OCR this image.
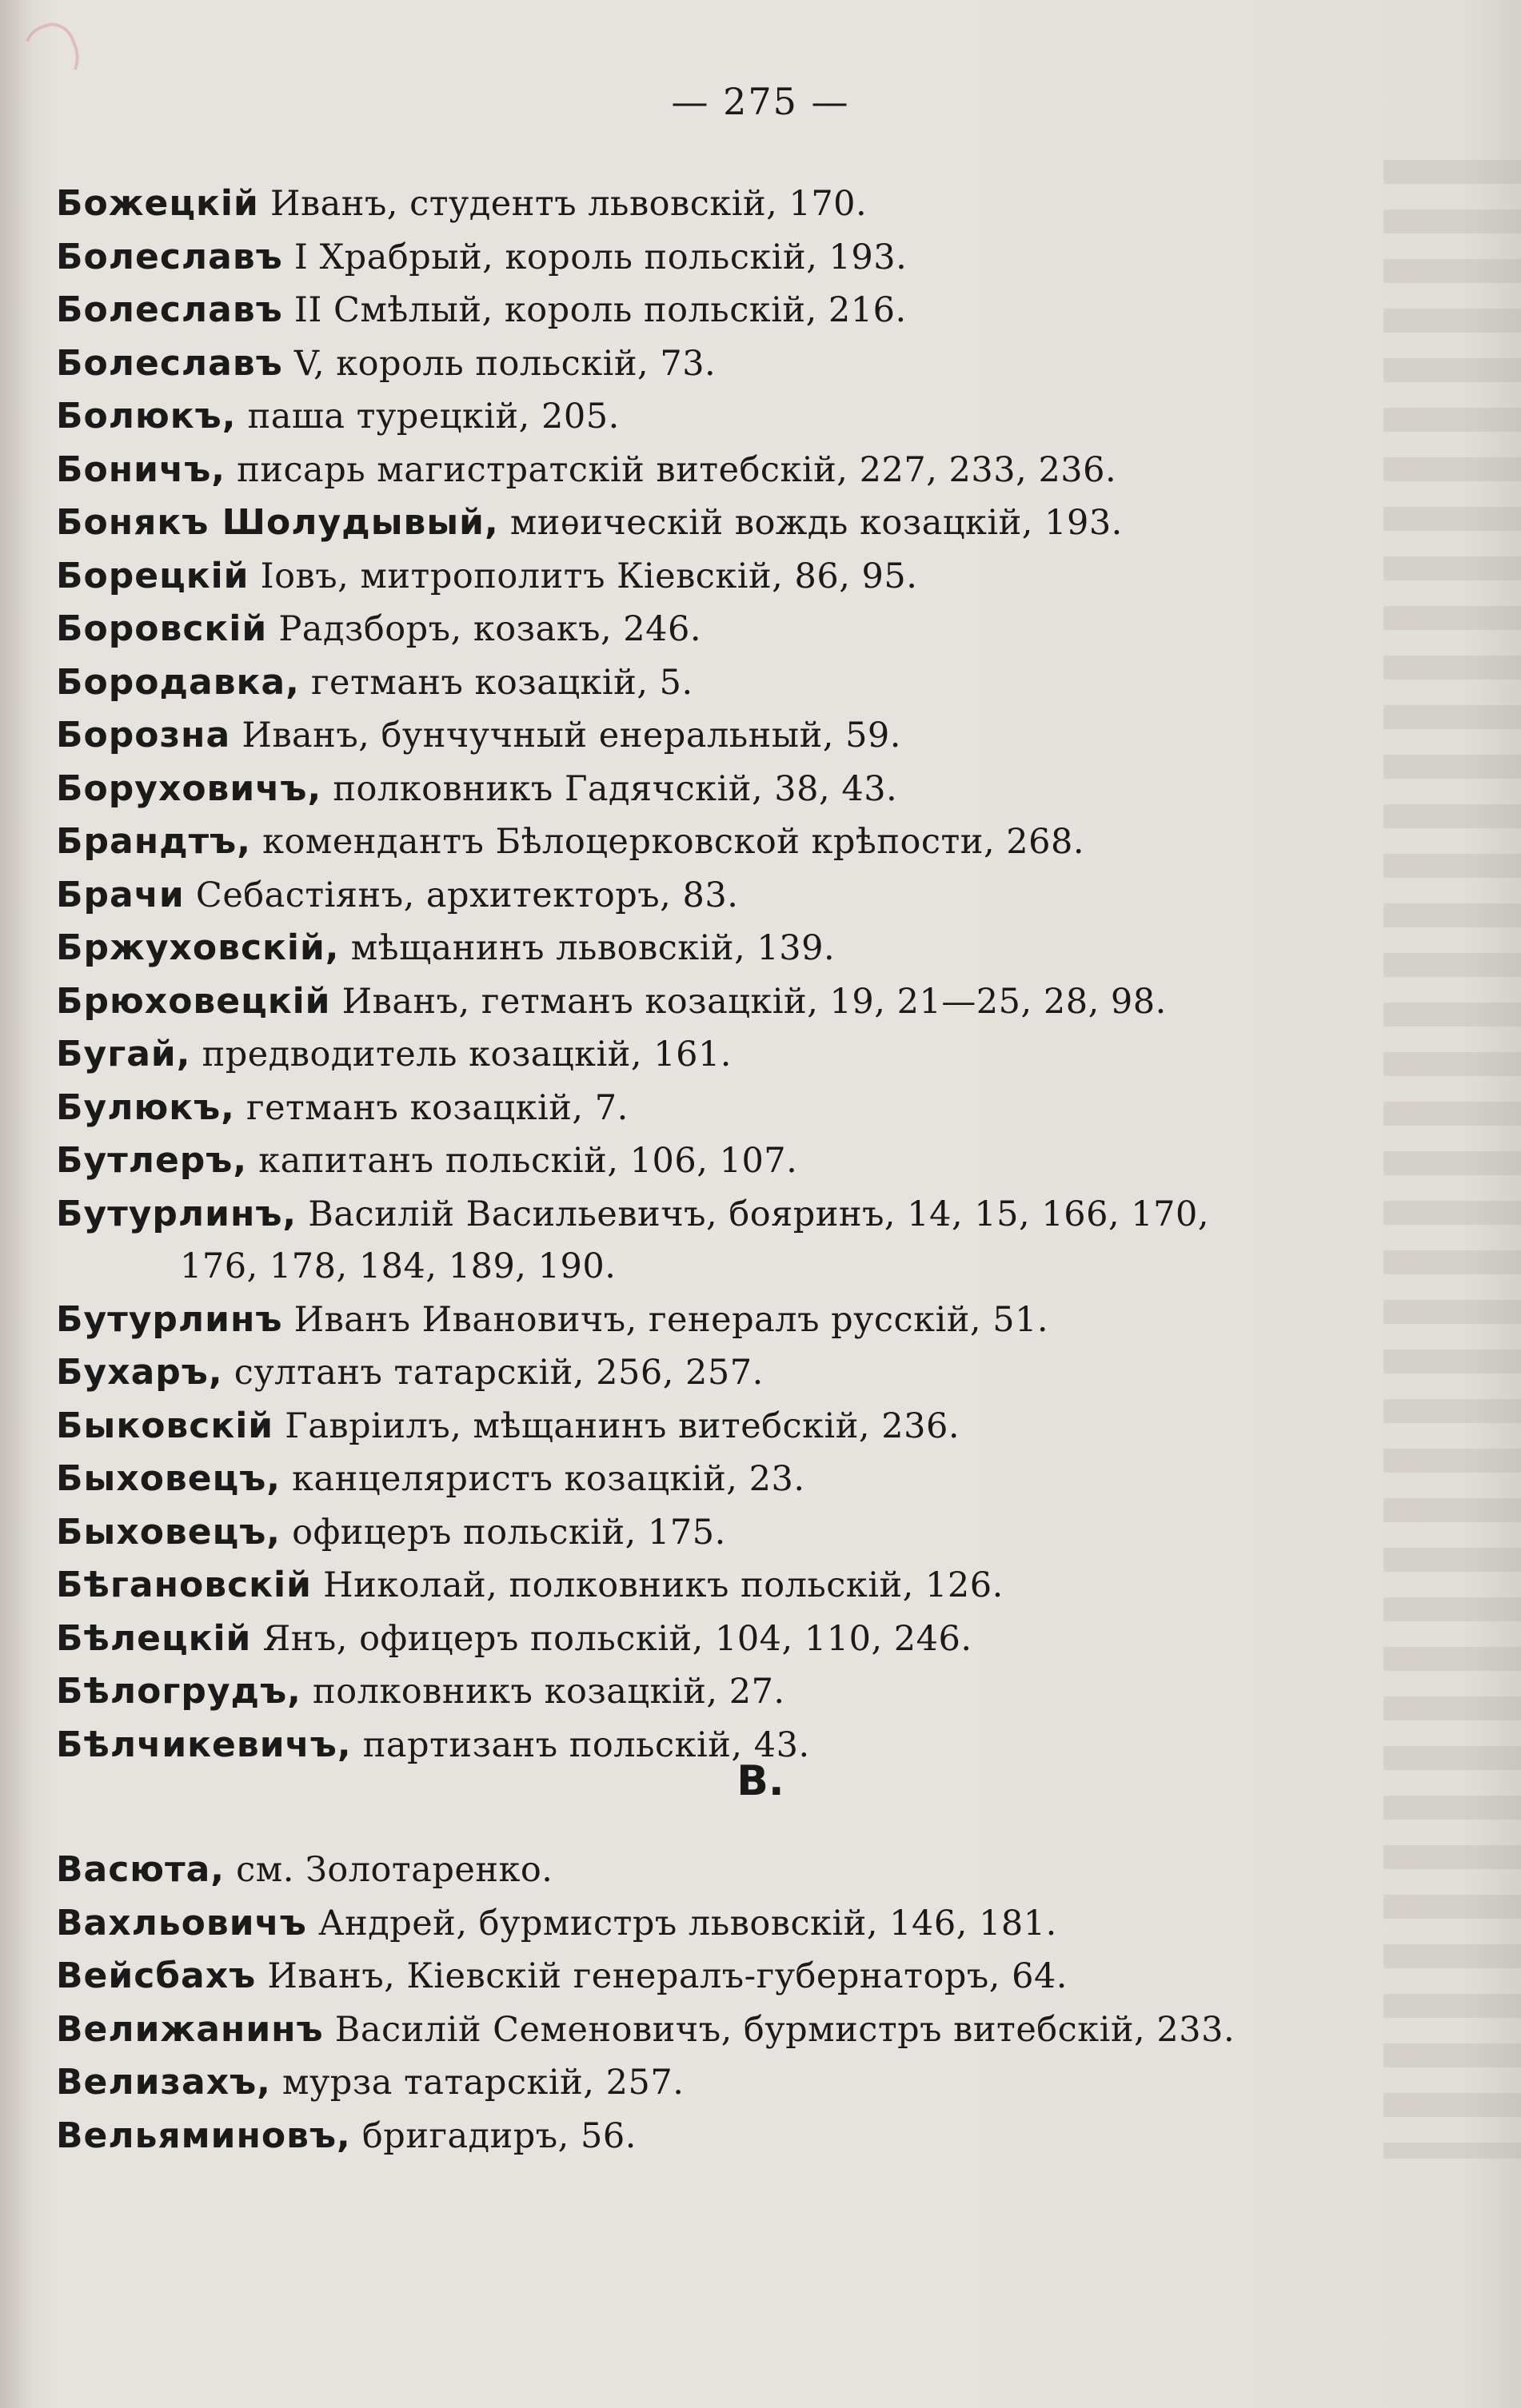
— 275 —
Божецкій Иванъ, студентъ львовскій, 170.
Болеславъ I Храбрый, король польскій, 193.
Болеславъ II Смѣлый, король польскій, 216.
Болеславъ V, король польскій, 73.
Болюкъ, паша турецкій, 205.
Боничъ, писарь магистратскій витебскій, 227, 233, 236.
Бонякъ Шолудывый, миѳическій вождь козацкій, 193.
Борецкій Іовъ, митрополитъ Кіевскій, 86, 95.
Боровскій Радзборъ, козакъ, 246.
Бородавка, гетманъ козацкій, 5.
Борозна Иванъ, бунчучный енеральный, 59.
Боруховичъ, полковникъ Гадячскій, 38, 43.
Брандтъ, комендантъ Бѣлоцерковской крѣпости, 268.
Брачи Себастіянъ, архитекторъ, 83.
Бржуховскій, мѣщанинъ львовскій, 139.
Брюховецкій Иванъ, гетманъ козацкій, 19, 21—25, 28, 98.
Бугай, предводитель козацкій, 161.
Булюкъ, гетманъ козацкій, 7.
Бутлеръ, капитанъ польскій, 106, 107.
Бутурлинъ, Василій Васильевичъ, бояринъ, 14, 15, 166, 170,
176, 178, 184, 189, 190.
Бутурлинъ Иванъ Ивановичъ, генералъ русскій, 51.
Бухаръ, султанъ татарскій, 256, 257.
Быковскій Гавріилъ, мѣщанинъ витебскій, 236.
Быховецъ, канцеляристъ козацкій, 23.
Быховецъ, офицеръ польскій, 175.
Бѣгановскій Николай, полковникъ польскій, 126.
Бѣлецкій Янъ, офицеръ польскій, 104, 110, 246.
Бѣлогрудъ, полковникъ козацкій, 27.
Бѣлчикевичъ, партизанъ польскій, 43.
В.
Васюта, см. Золотаренко.
Вахльовичъ Андрей, бурмистръ львовскій, 146, 181.
Вейсбахъ Иванъ, Кіевскій генералъ-губернаторъ, 64.
Велижанинъ Василій Семеновичъ, бурмистръ витебскій, 233.
Велизахъ, мурза татарскій, 257.
Вельяминовъ, бригадиръ, 56.
